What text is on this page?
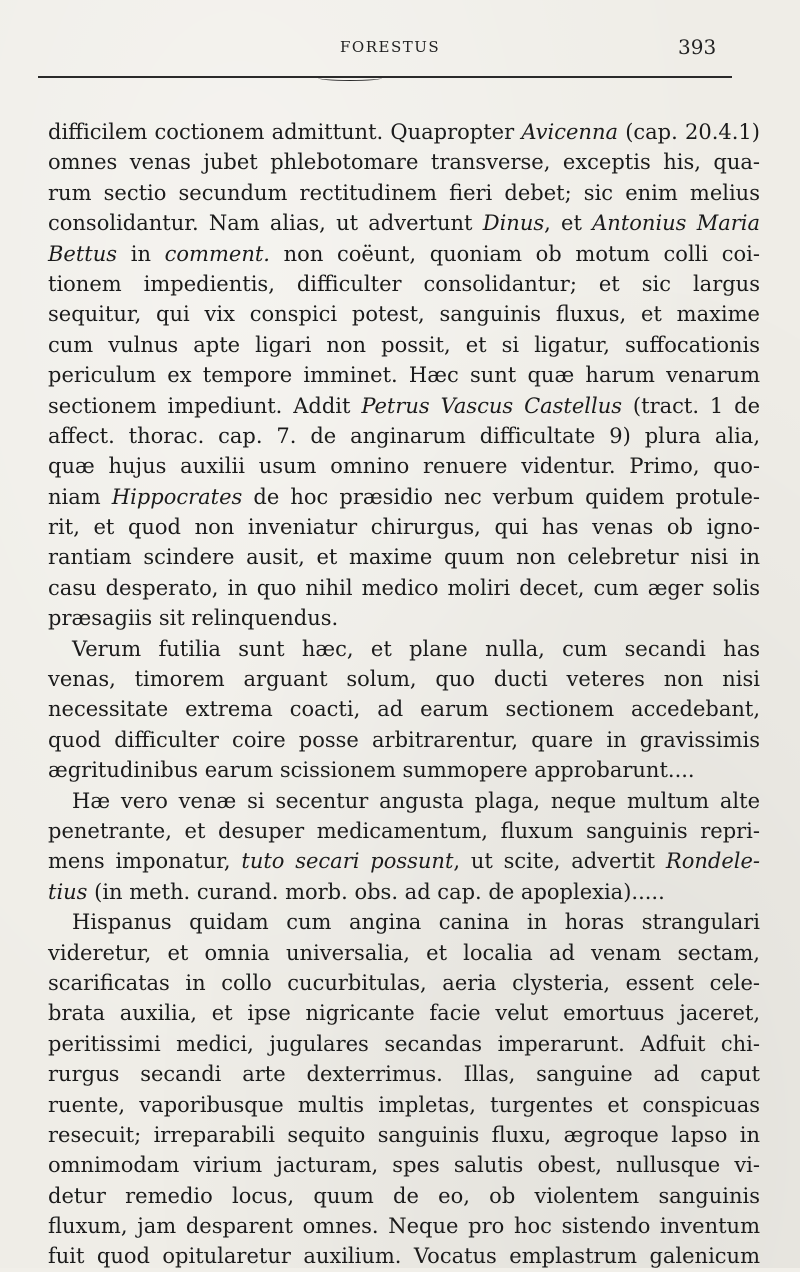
FORESTUS	393
difficilem coctionem admittunt. Quapropter Avicenna (cap. 20.4.1)
omnes venas jubet phlebotomare transverse, exceptis his, qua-
rum sectio secundum rectitudinem fieri debet; sic enim melius
consolidantur. Nam alias, ut advertunt Dinus, et Antonius Maria
Bettus in comment. non coëunt, quoniam ob motum colli coi-
tionem impedientis, difficulter consolidantur; et sic largus
sequitur, qui vix conspici potest, sanguinis fluxus, et maxime
cum vulnus apte ligari non possit, et si ligatur, suffocationis
periculum ex tempore imminet. Hæc sunt quæ harum venarum
sectionem impediunt. Addit Petrus Vascus Castellus (tract. 1 de
affect. thorac. cap. 7. de anginarum difficultate 9) plura alia,
quæ hujus auxilii usum omnino renuere videntur. Primo, quo-
niam Hippocrates de hoc præsidio nec verbum quidem protule-
rit, et quod non inveniatur chirurgus, qui has venas ob igno-
rantiam scindere ausit, et maxime quum non celebretur nisi in
casu desperato, in quo nihil medico moliri decet, cum æger solis
præsagiis sit relinquendus.
Verum futilia sunt hæc, et plane nulla, cum secandi has
venas, timorem arguant solum, quo ducti veteres non nisi
necessitate extrema coacti, ad earum sectionem accedebant,
quod difficulter coire posse arbitrarentur, quare in gravissimis
ægritudinibus earum scissionem summopere approbarunt....
Hæ vero venæ si secentur angusta plaga, neque multum alte
penetrante, et desuper medicamentum, fluxum sanguinis repri-
mens imponatur, tuto secari possunt, ut scite, advertit Rondele-
tius (in meth. curand. morb. obs. ad cap. de apoplexia).....
Hispanus quidam cum angina canina in horas strangulari
videretur, et omnia universalia, et localia ad venam sectam,
scarificatas in collo cucurbitulas, aeria clysteria, essent cele-
brata auxilia, et ipse nigricante facie velut emortuus jaceret,
peritissimi medici, jugulares secandas imperarunt. Adfuit chi-
rurgus secandi arte dexterrimus. Illas, sanguine ad caput
ruente, vaporibusque multis impletas, turgentes et conspicuas
resecuit; irreparabili sequito sanguinis fluxu, ægroque lapso in
omnimodam virium jacturam, spes salutis obest, nullusque vi-
detur remedio locus, quum de eo, ob violentem sanguinis
fluxum, jam desparent omnes. Neque pro hoc sistendo inventum
fuit quod opitularetur auxilium. Vocatus emplastrum galenicum
